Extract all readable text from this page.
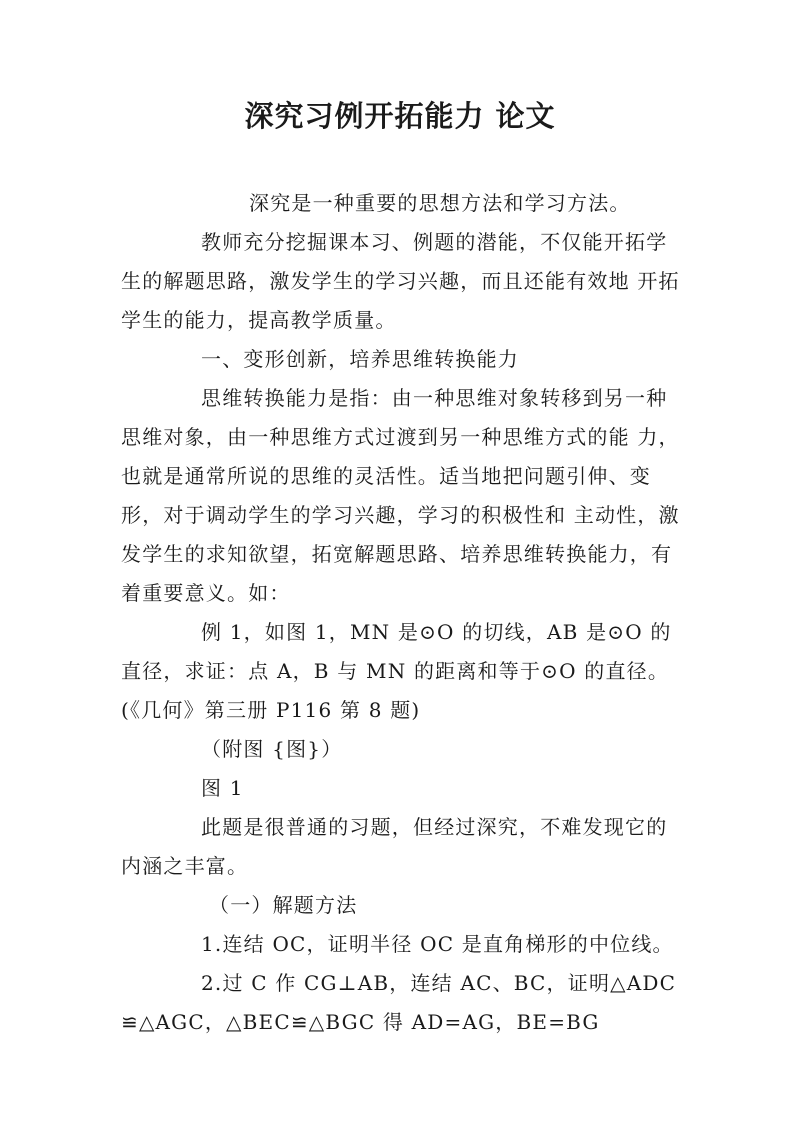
深究习例开拓能力 论文

深究是一种重要的思想方法和学习方法。

教师充分挖掘课本习、例题的潜能，不仅能开拓学生的解题思路，激发学生的学习兴趣，而且还能有效地 开拓学生的能力，提高教学质量。

一、变形创新，培养思维转换能力

思维转换能力是指：由一种思维对象转移到另一种思维对象，由一种思维方式过渡到另一种思维方式的能 力，也就是通常所说的思维的灵活性。适当地把问题引伸、变形，对于调动学生的学习兴趣，学习的积极性和 主动性，激发学生的求知欲望，拓宽解题思路、培养思维转换能力，有着重要意义。如：

例 1，如图 1，MN 是⊙O 的切线，AB 是⊙O 的直径，求证：点 A，B 与 MN 的距离和等于⊙O 的直径。(《几何》第三册 P116 第 8 题)

（附图 {图}）

图 1

此题是很普通的习题，但经过深究，不难发现它的内涵之丰富。

（一）解题方法

1.连结 OC，证明半径 OC 是直角梯形的中位线。

2.过 C 作 CG⊥AB，连结 AC、BC，证明△ADC≌△AGC，△BEC≌△BGC 得 AD=AG，BE=BG
